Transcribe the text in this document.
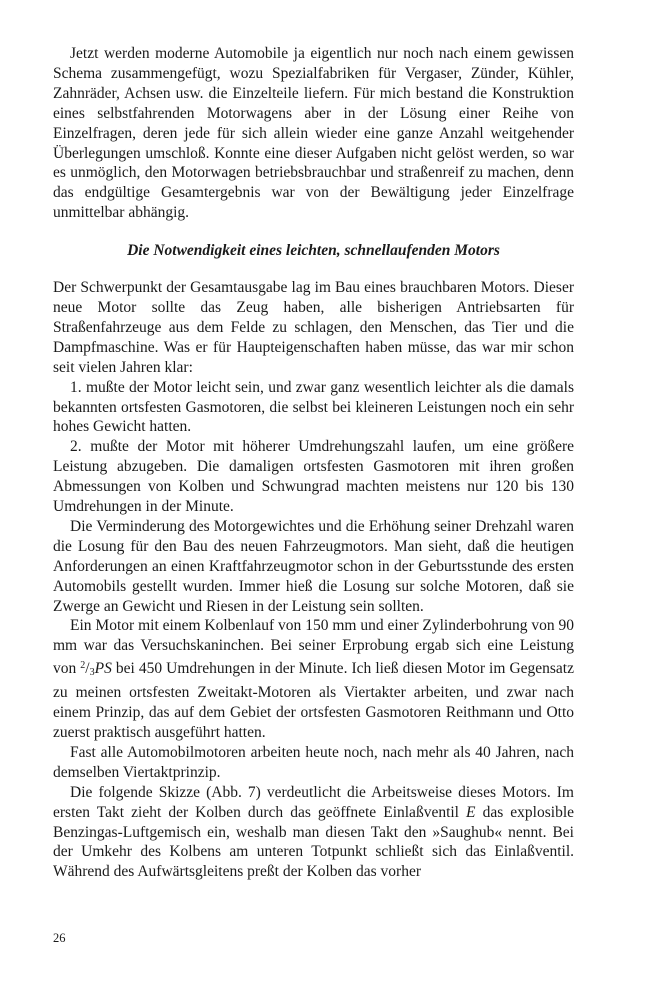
Jetzt werden moderne Automobile ja eigentlich nur noch nach einem gewissen Schema zusammengefügt, wozu Spezialfabriken für Vergaser, Zünder, Kühler, Zahnräder, Achsen usw. die Einzelteile liefern. Für mich bestand die Konstruktion eines selbstfahrenden Motorwagens aber in der Lösung einer Reihe von Einzelfragen, deren jede für sich allein wieder eine ganze Anzahl weitgehender Überlegungen umschloß. Konnte eine dieser Aufgaben nicht gelöst werden, so war es unmöglich, den Motorwagen betriebsbrauchbar und straßenreif zu machen, denn das endgültige Gesamtergebnis war von der Bewältigung jeder Einzelfrage unmittelbar abhängig.

Die Notwendigkeit eines leichten, schnellaufenden Motors

Der Schwerpunkt der Gesamtausgabe lag im Bau eines brauchbaren Motors. Dieser neue Motor sollte das Zeug haben, alle bisherigen Antriebsarten für Straßenfahrzeuge aus dem Felde zu schlagen, den Menschen, das Tier und die Dampfmaschine. Was er für Haupteigenschaften haben müsse, das war mir schon seit vielen Jahren klar:

1. mußte der Motor leicht sein, und zwar ganz wesentlich leichter als die damals bekannten ortsfesten Gasmotoren, die selbst bei kleineren Leistungen noch ein sehr hohes Gewicht hatten.

2. mußte der Motor mit höherer Umdrehungszahl laufen, um eine größere Leistung abzugeben. Die damaligen ortsfesten Gasmotoren mit ihren großen Abmessungen von Kolben und Schwungrad machten meistens nur 120 bis 130 Umdrehungen in der Minute.

Die Verminderung des Motorgewichtes und die Erhöhung seiner Drehzahl waren die Losung für den Bau des neuen Fahrzeugmotors. Man sieht, daß die heutigen Anforderungen an einen Kraftfahrzeugmotor schon in der Geburtsstunde des ersten Automobils gestellt wurden. Immer hieß die Losung sur solche Motoren, daß sie Zwerge an Gewicht und Riesen in der Leistung sein sollten.

Ein Motor mit einem Kolbenlauf von 150 mm und einer Zylinderbohrung von 90 mm war das Versuchskaninchen. Bei seiner Erprobung ergab sich eine Leistung von $^2/_3PS$ bei 450 Umdrehungen in der Minute. Ich ließ diesen Motor im Gegensatz zu meinen ortsfesten Zweitakt-Motoren als Viertakter arbeiten, und zwar nach einem Prinzip, das auf dem Gebiet der ortsfesten Gasmotoren Reithmann und Otto zuerst praktisch ausgeführt hatten.

Fast alle Automobilmotoren arbeiten heute noch, nach mehr als 40 Jahren, nach demselben Viertaktprinzip.

Die folgende Skizze (Abb. 7) verdeutlicht die Arbeitsweise dieses Motors. Im ersten Takt zieht der Kolben durch das geöffnete Einlaßventil E das explosible Benzingas-Luftgemisch ein, weshalb man diesen Takt den »Saughub« nennt. Bei der Umkehr des Kolbens am unteren Totpunkt schließt sich das Einlaßventil. Während des Aufwärtsgleitens preßt der Kolben das vorher

26
